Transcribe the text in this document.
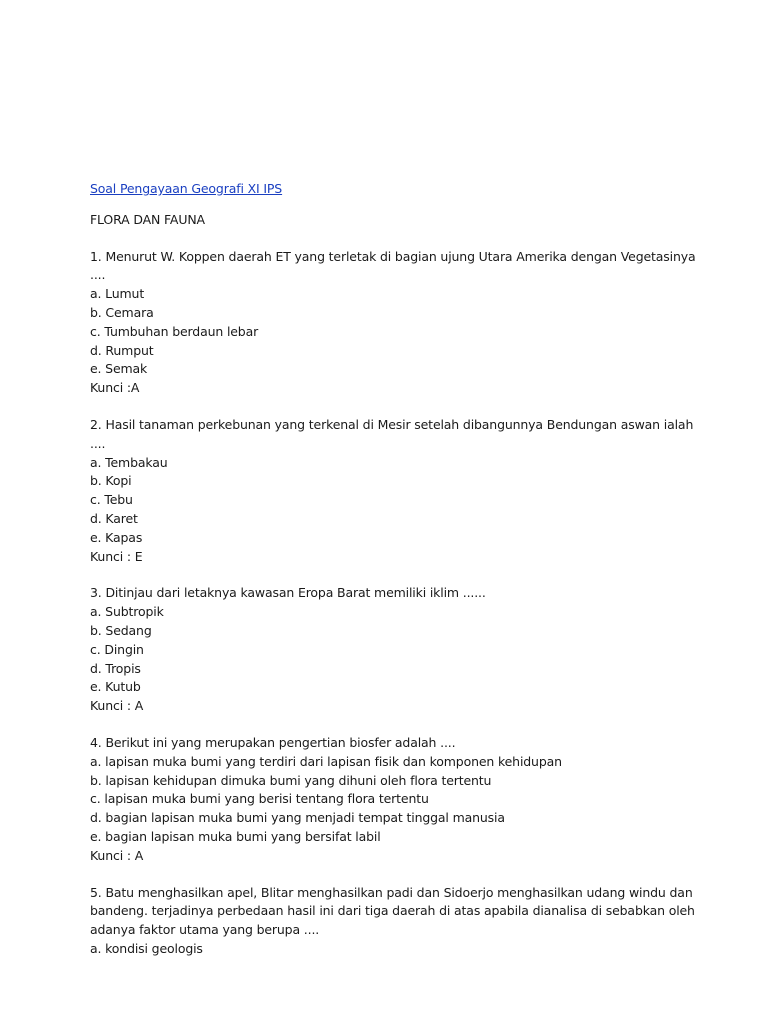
Soal Pengayaan Geografi XI IPS
FLORA DAN FAUNA
1. Menurut W. Koppen daerah ET yang terletak di bagian ujung Utara Amerika dengan Vegetasinya ....
a. Lumut
b. Cemara
c. Tumbuhan berdaun lebar
d. Rumput
e. Semak
Kunci :A
2. Hasil tanaman perkebunan yang terkenal di Mesir setelah dibangunnya Bendungan aswan ialah ....
a. Tembakau
b. Kopi
c. Tebu
d. Karet
e. Kapas
Kunci : E
3. Ditinjau dari letaknya kawasan Eropa Barat memiliki iklim ......
a. Subtropik
b. Sedang
c. Dingin
d. Tropis
e. Kutub
Kunci : A
4. Berikut ini yang merupakan pengertian biosfer adalah ....
a. lapisan muka bumi yang terdiri dari lapisan fisik dan komponen kehidupan
b. lapisan kehidupan dimuka bumi yang dihuni oleh flora tertentu
c. lapisan muka bumi yang berisi tentang flora tertentu
d. bagian lapisan muka bumi yang menjadi tempat tinggal manusia
e. bagian lapisan muka bumi yang bersifat labil
Kunci : A
5. Batu menghasilkan apel, Blitar menghasilkan padi dan Sidoerjo menghasilkan udang windu dan bandeng. terjadinya perbedaan hasil ini dari tiga daerah di atas apabila dianalisa di sebabkan oleh adanya faktor utama yang berupa ....
a. kondisi geologis
